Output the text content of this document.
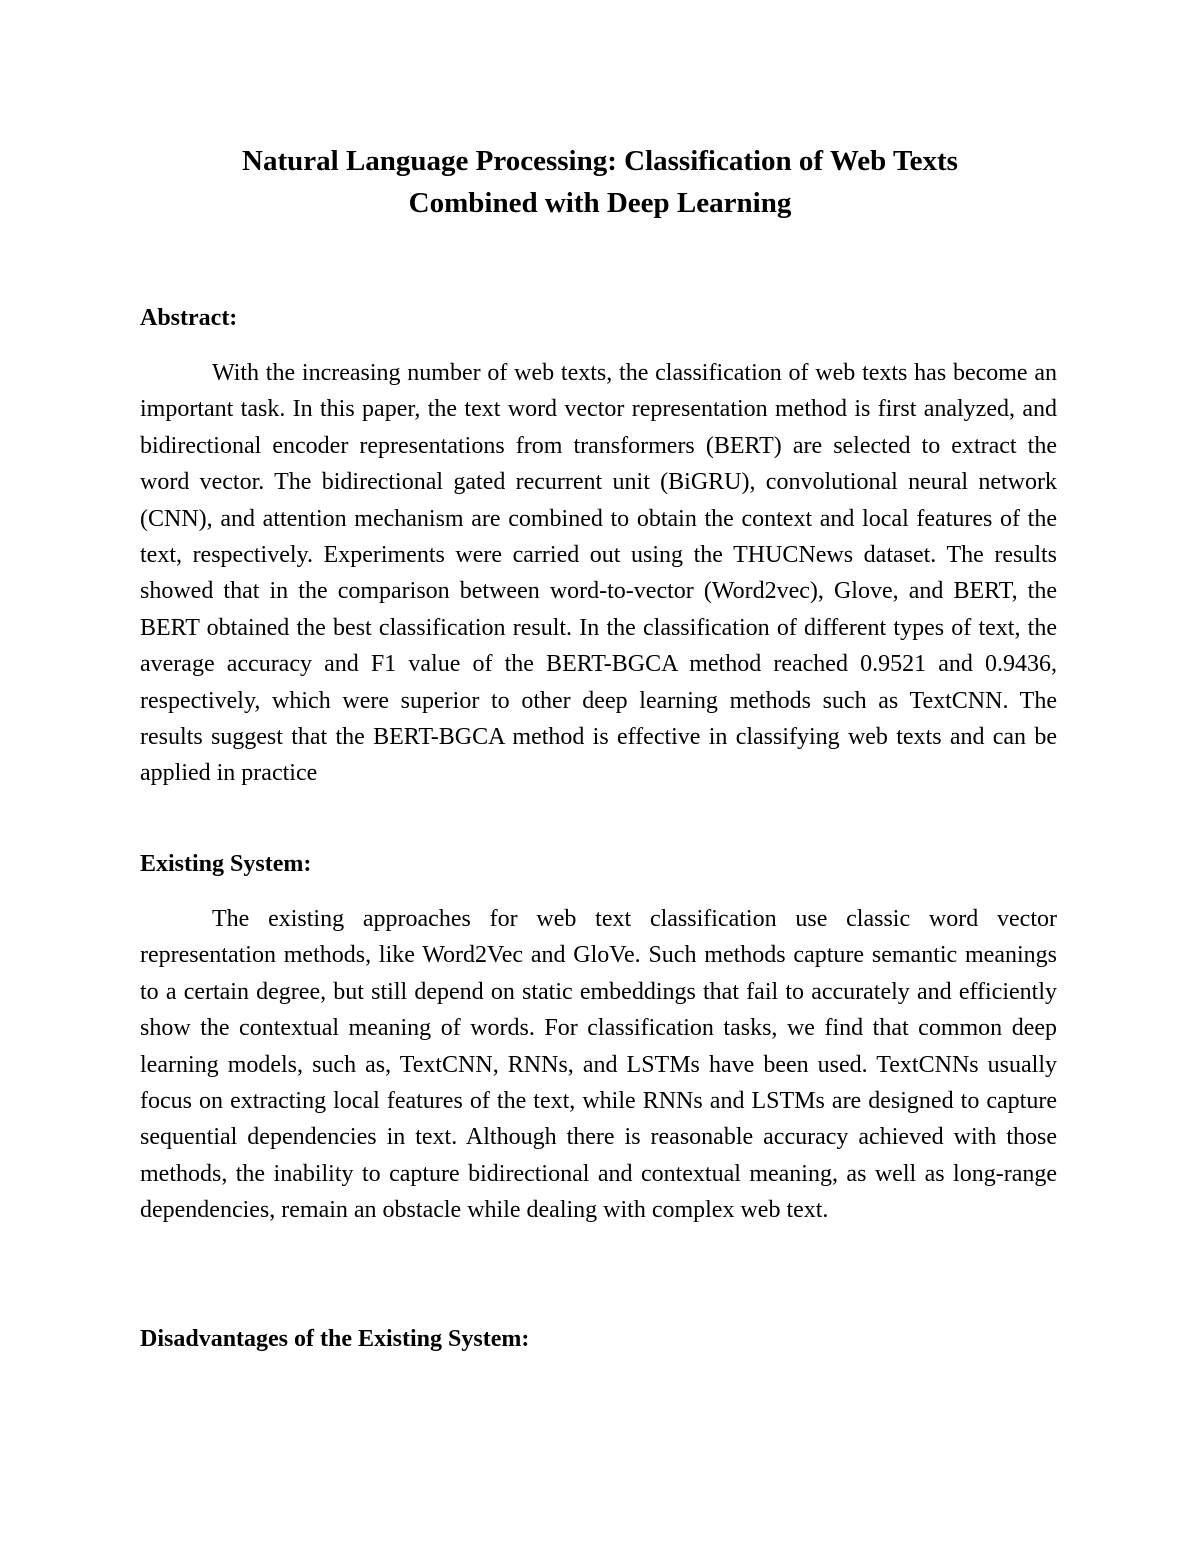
Natural Language Processing: Classification of Web Texts
Combined with Deep Learning
Abstract:

With the increasing number of web texts, the classification of web texts has become an important task. In this paper, the text word vector representation method is first analyzed, and bidirectional encoder representations from transformers (BERT) are selected to extract the word vector. The bidirectional gated recurrent unit (BiGRU), convolutional neural network (CNN), and attention mechanism are combined to obtain the context and local features of the text, respectively. Experiments were carried out using the THUCNews dataset. The results showed that in the comparison between word-to-vector (Word2vec), Glove, and BERT, the BERT obtained the best classification result. In the classification of different types of text, the average accuracy and F1 value of the BERT-BGCA method reached 0.9521 and 0.9436, respectively, which were superior to other deep learning methods such as TextCNN. The results suggest that the BERT-BGCA method is effective in classifying web texts and can be applied in practice

Existing System:

The existing approaches for web text classification use classic word vector representation methods, like Word2Vec and GloVe. Such methods capture semantic meanings to a certain degree, but still depend on static embeddings that fail to accurately and efficiently show the contextual meaning of words. For classification tasks, we find that common deep learning models, such as, TextCNN, RNNs, and LSTMs have been used. TextCNNs usually focus on extracting local features of the text, while RNNs and LSTMs are designed to capture sequential dependencies in text. Although there is reasonable accuracy achieved with those methods, the inability to capture bidirectional and contextual meaning, as well as long-range dependencies, remain an obstacle while dealing with complex web text.

Disadvantages of the Existing System:
